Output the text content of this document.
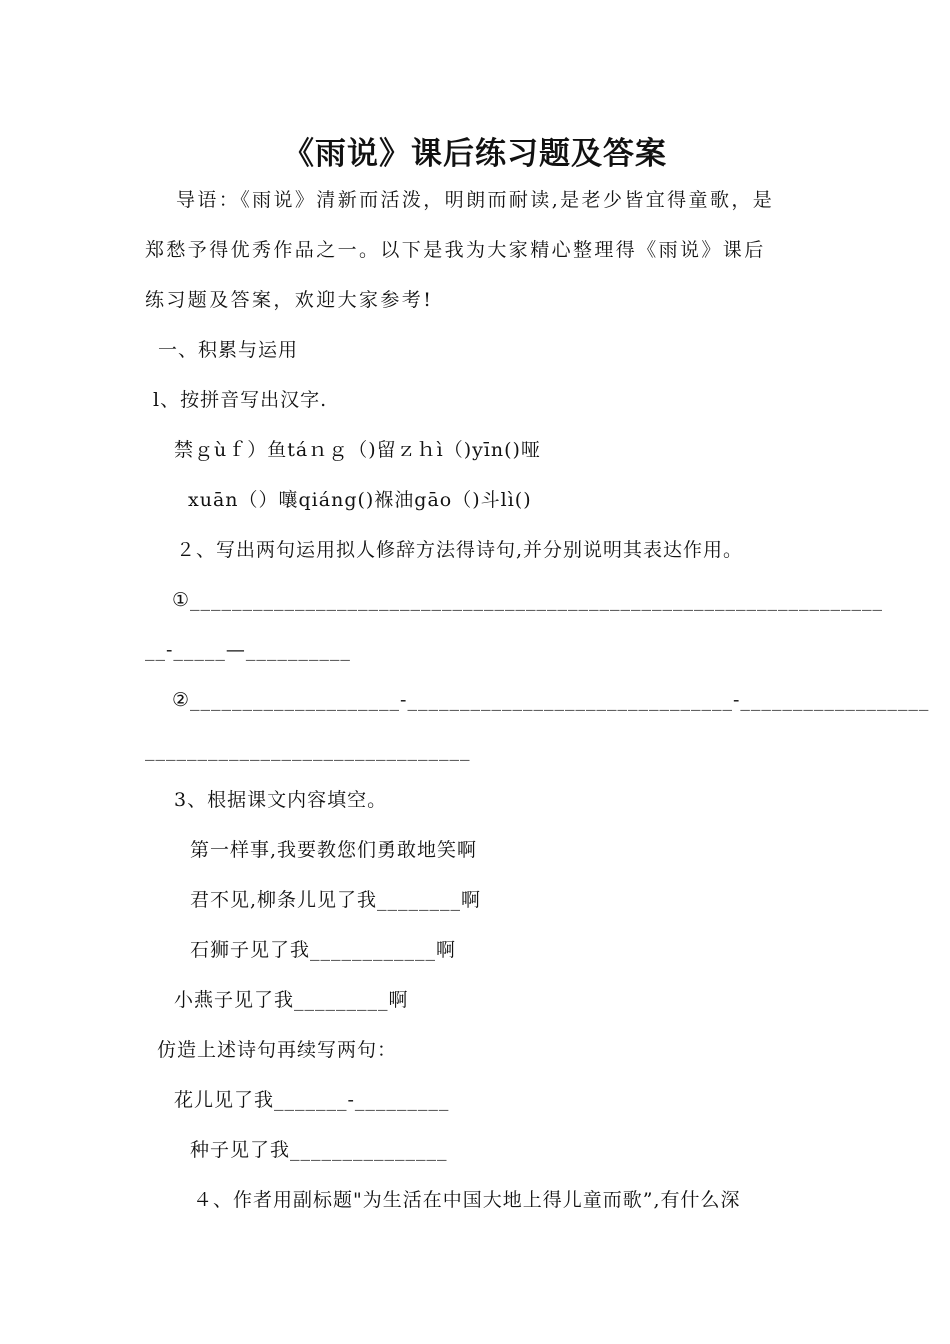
《雨说》课后练习题及答案
导语：《雨说》清新而活泼，明朗而耐读,是老少皆宜得童歌，是
郑愁予得优秀作品之一。以下是我为大家精心整理得《雨说》课后
练习题及答案，欢迎大家参考!
一、积累与运用
l、按拼音写出汉字.
禁ｇùｆ）鱼táｎｇ（)留ｚｈì（)yīn()哑
xuān（）嚷qiáng()褓油gāo（)斗lì()
２、写出两句运用拟人修辞方法得诗句,并分别说明其表达作用。
①__________________________________________________________________
__-_____—__________
②____________________-_______________________________-__________________
_______________________________
3、根据课文内容填空。
第一样事,我要教您们勇敢地笑啊
君不见,柳条儿见了我________啊
石狮子见了我____________啊
小燕子见了我_________啊
仿造上述诗句再续写两句：
花儿见了我_______-_________
种子见了我_______________
４、作者用副标题"为生活在中国大地上得儿童而歌”,有什么深
